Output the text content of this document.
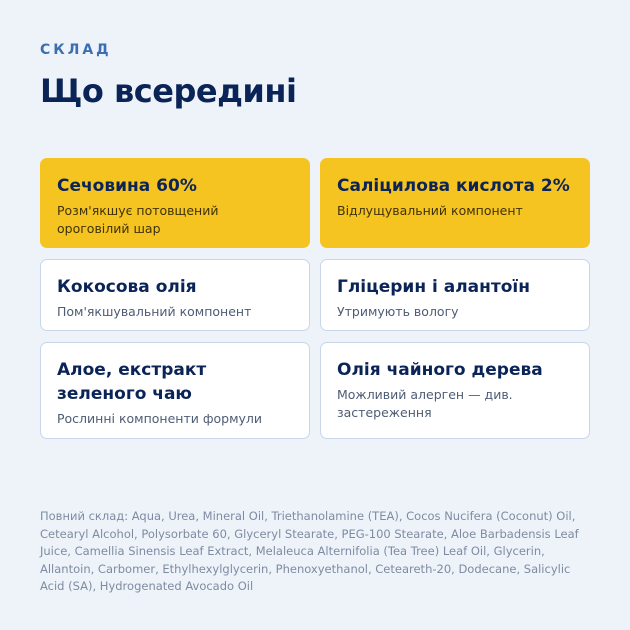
СКЛАД
Що всередині
Сечовина 60%
Розм'якшує потовщений ороговілий шар
Саліцилова кислота 2%
Відлущувальний компонент
Кокосова олія
Пом'якшувальний компонент
Гліцерин і алантоїн
Утримують вологу
Алое, екстракт зеленого чаю
Рослинні компоненти формули
Олія чайного дерева
Можливий алерген — див. застереження
Повний склад: Aqua, Urea, Mineral Oil, Triethanolamine (TEA), Cocos Nucifera (Coconut) Oil, Cetearyl Alcohol, Polysorbate 60, Glyceryl Stearate, PEG-100 Stearate, Aloe Barbadensis Leaf Juice, Camellia Sinensis Leaf Extract, Melaleuca Alternifolia (Tea Tree) Leaf Oil, Glycerin, Allantoin, Carbomer, Ethylhexylglycerin, Phenoxyethanol, Ceteareth-20, Dodecane, Salicylic Acid (SA), Hydrogenated Avocado Oil
